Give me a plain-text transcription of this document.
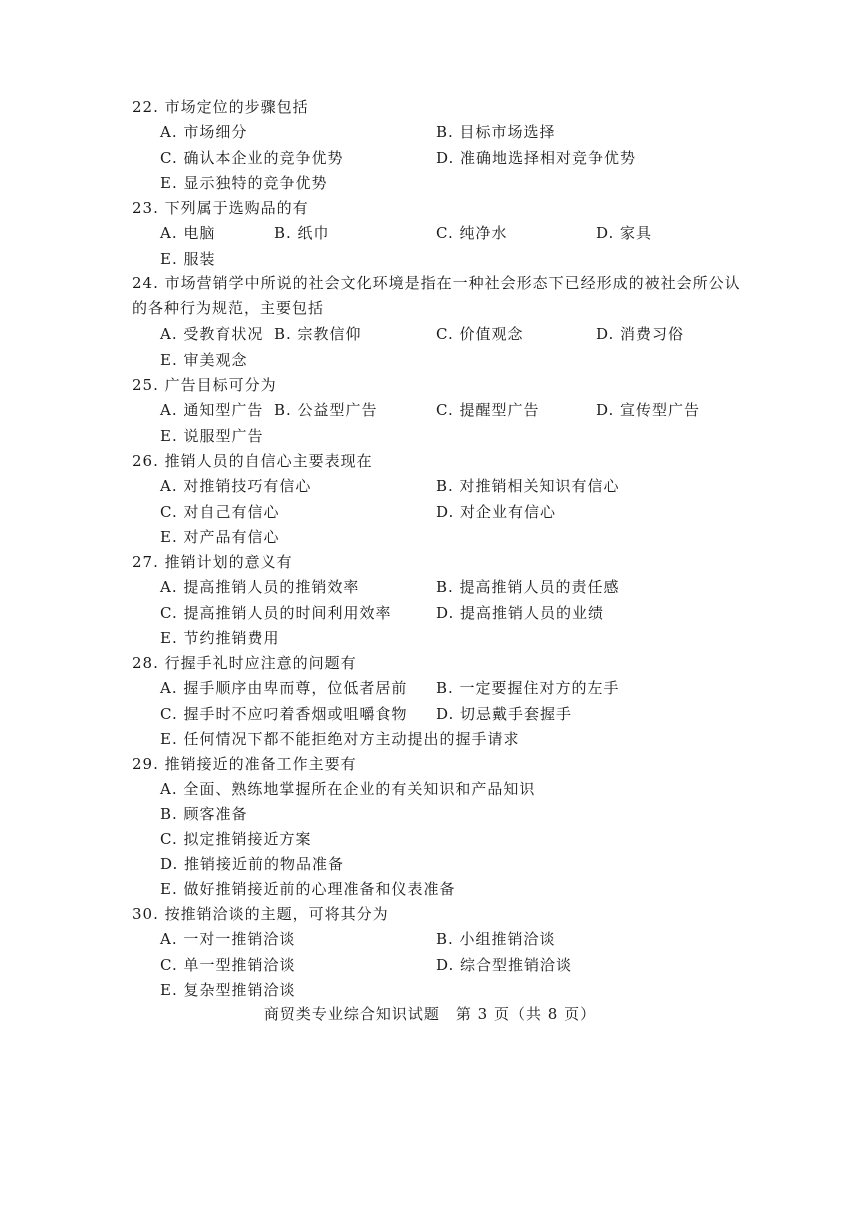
22. 市场定位的步骤包括
A. 市场细分	B. 目标市场选择
C. 确认本企业的竞争优势	D. 准确地选择相对竞争优势
E. 显示独特的竞争优势
23. 下列属于选购品的有
A. 电脑	B. 纸巾	C. 纯净水	D. 家具
E. 服装
24. 市场营销学中所说的社会文化环境是指在一种社会形态下已经形成的被社会所公认的各种行为规范，主要包括
A. 受教育状况 B. 宗教信仰	C. 价值观念	D. 消费习俗
E. 审美观念
25. 广告目标可分为
A. 通知型广告 B. 公益型广告	C. 提醒型广告	D. 宣传型广告
E. 说服型广告
26. 推销人员的自信心主要表现在
A. 对推销技巧有信心	B. 对推销相关知识有信心
C. 对自己有信心	D. 对企业有信心
E. 对产品有信心
27. 推销计划的意义有
A. 提高推销人员的推销效率	B. 提高推销人员的责任感
C. 提高推销人员的时间利用效率	D. 提高推销人员的业绩
E. 节约推销费用
28. 行握手礼时应注意的问题有
A. 握手顺序由卑而尊，位低者居前 B. 一定要握住对方的左手
C. 握手时不应叼着香烟或咀嚼食物 D. 切忌戴手套握手
E. 任何情况下都不能拒绝对方主动提出的握手请求
29. 推销接近的准备工作主要有
A. 全面、熟练地掌握所在企业的有关知识和产品知识
B. 顾客准备
C. 拟定推销接近方案
D. 推销接近前的物品准备
E. 做好推销接近前的心理准备和仪表准备
30. 按推销洽谈的主题，可将其分为
A. 一对一推销洽谈	B. 小组推销洽谈
C. 单一型推销洽谈	D. 综合型推销洽谈
E. 复杂型推销洽谈
商贸类专业综合知识试题　第 3 页（共 8 页）
